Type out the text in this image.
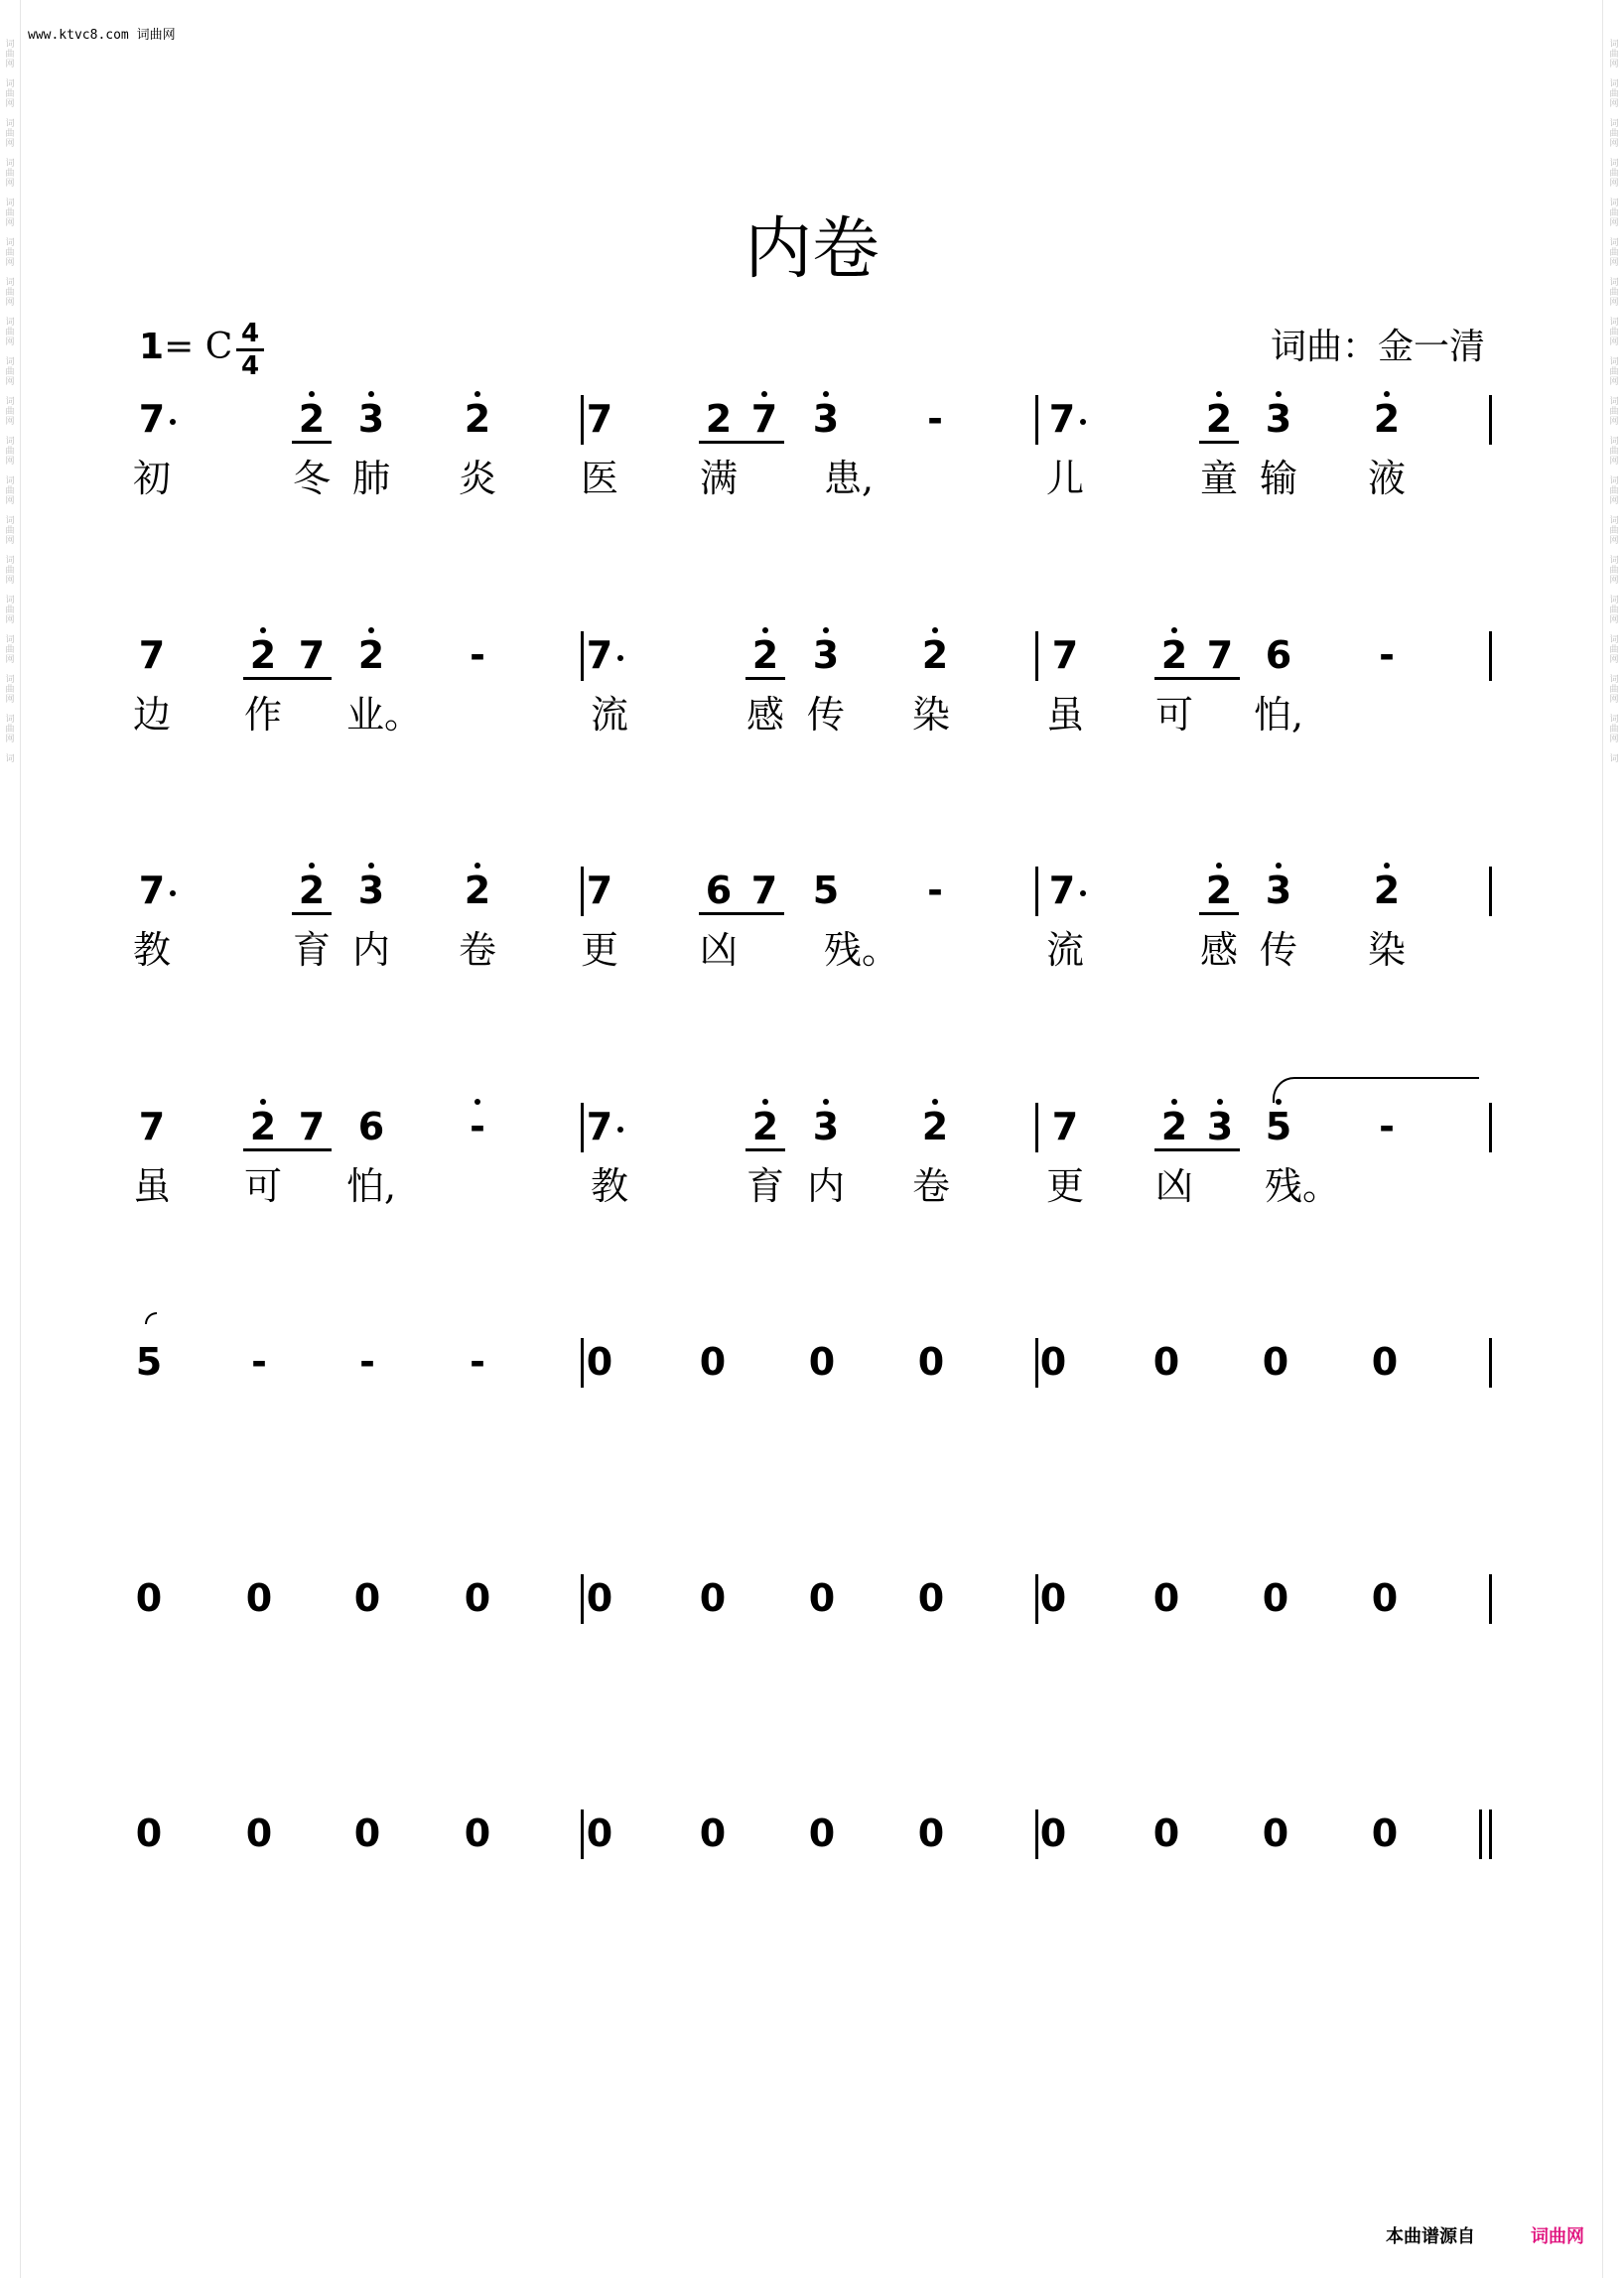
词
曲
网
词
曲
网
词
曲
网
词
曲
网
词
曲
网
词
曲
网
词
曲
网
词
曲
网
词
曲
网
词
曲
网
词
曲
网
词
曲
网
词
曲
网
词
曲
网
词
曲
网
词
曲
网
词
曲
网
词
曲
网
词
词
曲
网
词
曲
网
词
曲
网
词
曲
网
词
曲
网
词
曲
网
词
曲
网
词
曲
网
词
曲
网
词
曲
网
词
曲
网
词
曲
网
词
曲
网
词
曲
网
词
曲
网
词
曲
网
词
曲
网
词
曲
网
词
www.ktvc8.com 词曲网
内卷
1= C 4
4	词曲：金一清
7	2 3 2	7 2 7 3	-	7	2 3 2
初	冬 肺 炎 医 满 患,	儿	童 输 液
7 2 7 2	-	7	2 3 2	7 2 7 6	-
边 作 业。	流	感 传 染	虽 可 怕,
7	2 3 2	7 6 7 5	-	7	2 3 2
教	育 内 卷 更 凶 残。	流	感 传 染
7 2 7 6	-	7	2 3 2	7 2 3 5	-
虽 可 怕,	教	育 内 卷	更 凶 残。
5	-	-	-	0 0 0 0	0 0 0 0
0 0 0 0	0 0 0 0	0 0 0 0
0 0 0 0	0 0 0 0	0 0 0 0
本曲谱源自	词曲网
